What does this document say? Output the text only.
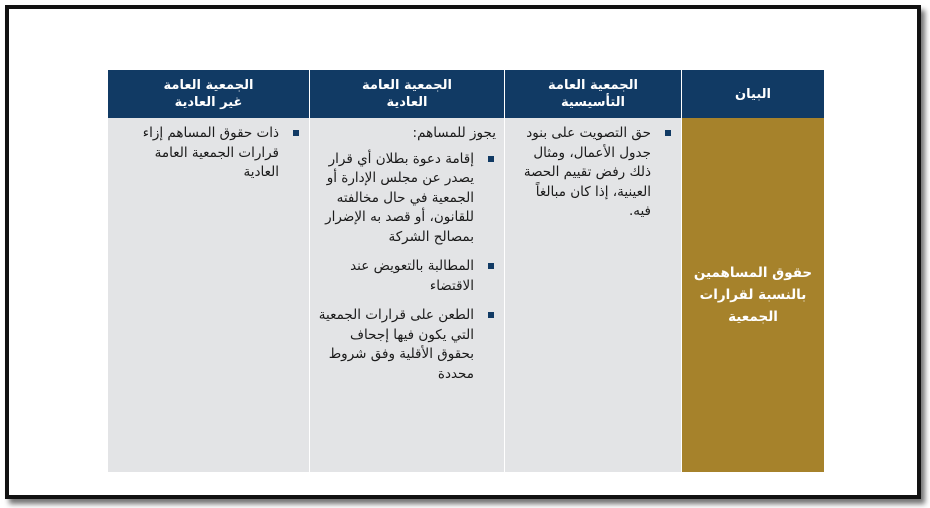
الجمعية العامة
غير العادية
الجمعية العامة
العادية
الجمعية العامة
التأسيسية
البيان
ذات حقوق المساهم إزاء قرارات الجمعية العامة العادية
يجوز للمساهم:
إقامة دعوة بطلان أي قرار يصدر عن مجلس الإدارة أو الجمعية في حال مخالفته للقانون، أو قصد به الإضرار بمصالح الشركة
المطالبة بالتعويض عند الاقتضاء
الطعن على قرارات الجمعية التي يكون فيها إجحاف بحقوق الأقلية وفق شروط محددة
حق التصويت على بنود جدول الأعمال، ومثال ذلك رفض تقييم الحصة العينية، إذا كان مبالغاً فيه.
حقوق المساهمين
بالنسبة لقرارات
الجمعية
